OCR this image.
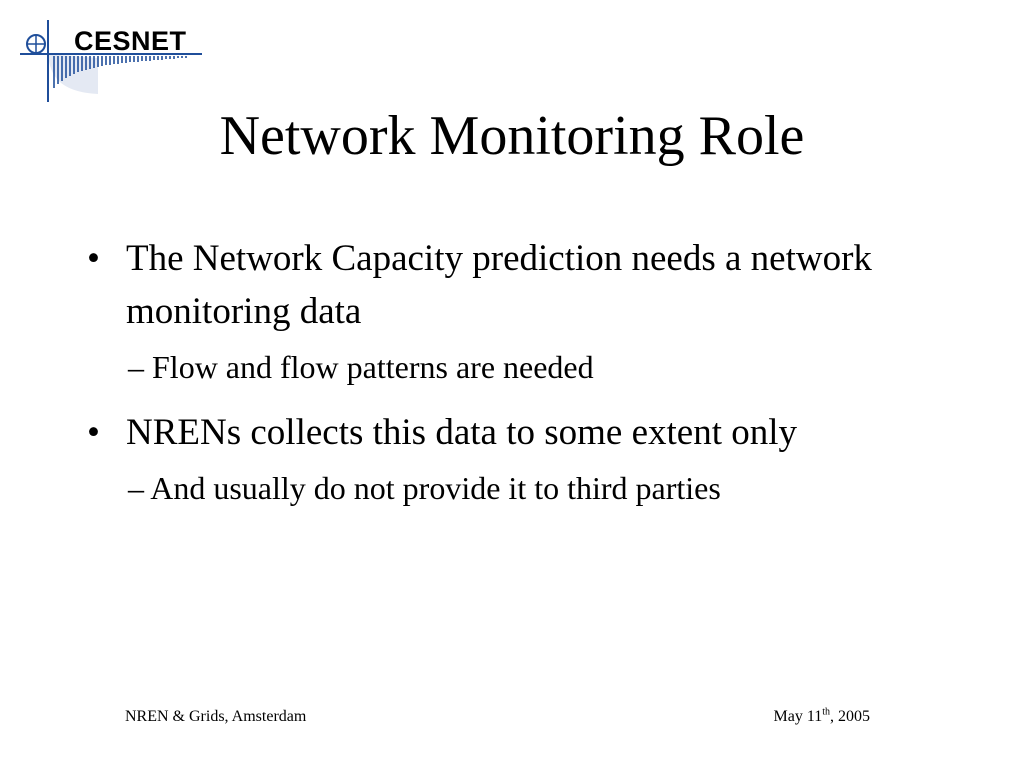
CESNET
Network Monitoring Role
• The Network Capacity prediction needs a network monitoring data
– Flow and flow patterns are needed
• NRENs collects this data to some extent only
– And usually do not provide it to third parties
NREN & Grids, Amsterdam	May 11th, 2005
